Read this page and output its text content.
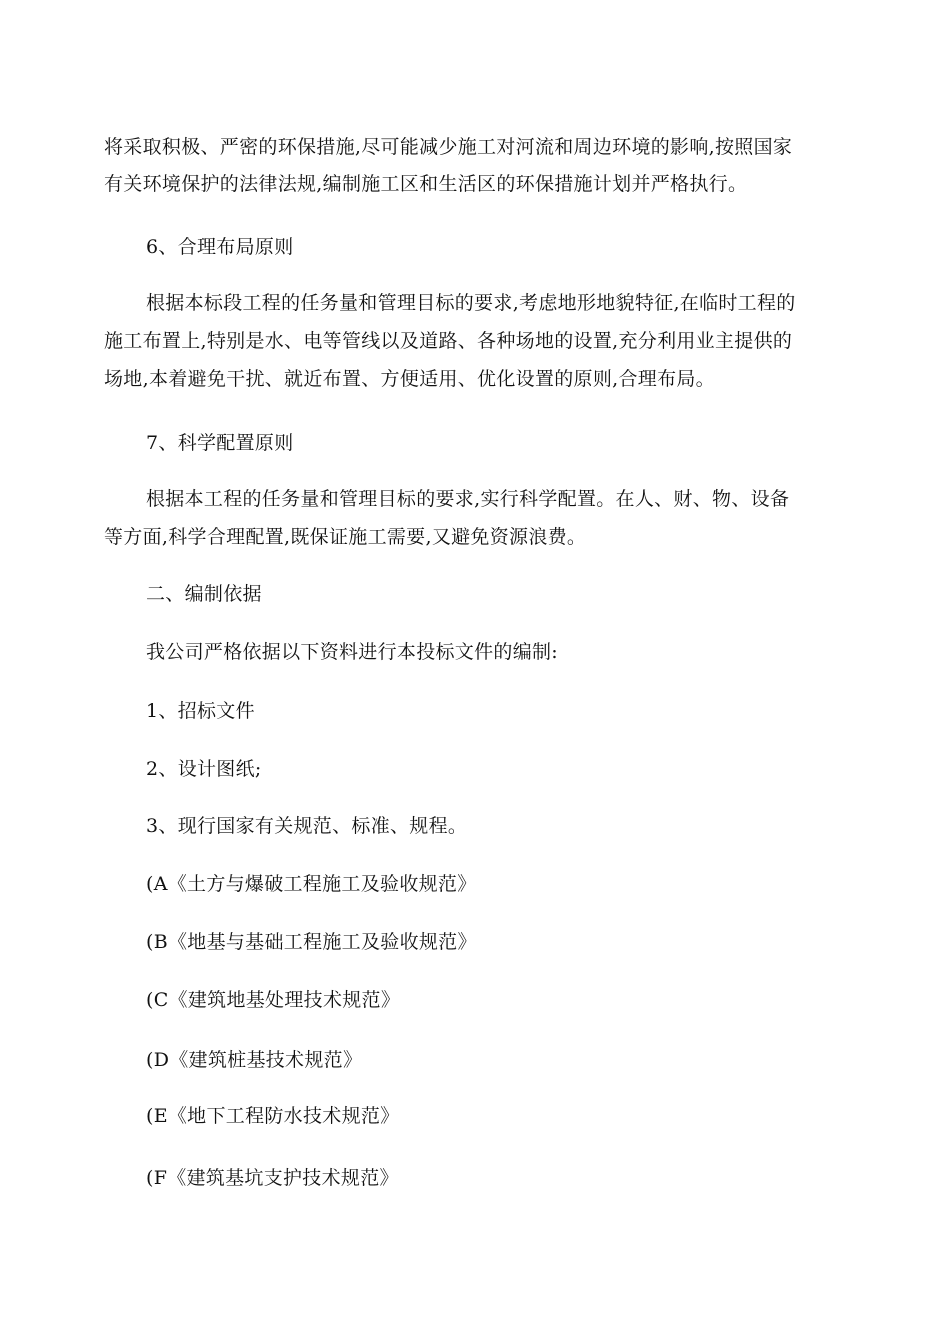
将采取积极、严密的环保措施,尽可能减少施工对河流和周边环境的影响,按照国家

有关环境保护的法律法规,编制施工区和生活区的环保措施计划并严格执行。

6、合理布局原则

根据本标段工程的任务量和管理目标的要求,考虑地形地貌特征,在临时工程的

施工布置上,特别是水、电等管线以及道路、各种场地的设置,充分利用业主提供的

场地,本着避免干扰、就近布置、方便适用、优化设置的原则,合理布局。

7、科学配置原则

根据本工程的任务量和管理目标的要求,实行科学配置。在人、财、物、设备

等方面,科学合理配置,既保证施工需要,又避免资源浪费。

二、编制依据

我公司严格依据以下资料进行本投标文件的编制:

1、招标文件

2、设计图纸;

3、现行国家有关规范、标准、规程。

(A《土方与爆破工程施工及验收规范》

(B《地基与基础工程施工及验收规范》

(C《建筑地基处理技术规范》

(D《建筑桩基技术规范》

(E《地下工程防水技术规范》

(F《建筑基坑支护技术规范》
